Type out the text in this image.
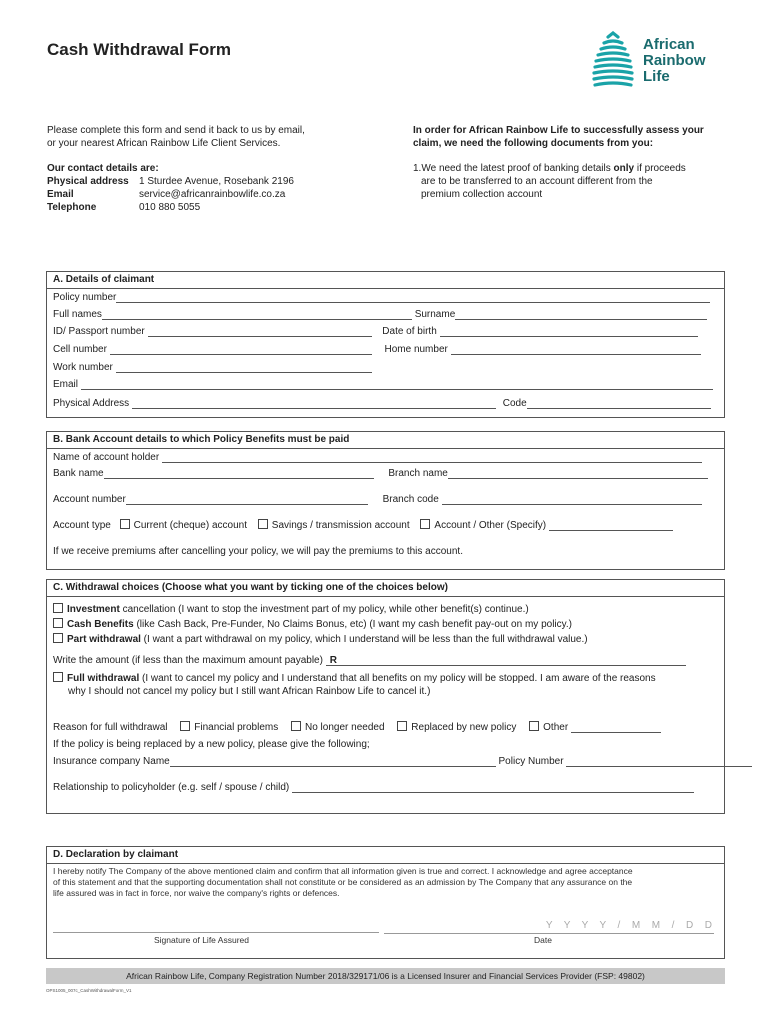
Cash Withdrawal Form	African
Rainbow
Life
Please complete this form and send it back to us by email,
or your nearest African Rainbow Life Client Services.
Our contact details are:
Physical address 1 Sturdee Avenue, Rosebank 2196
Email	service@africanrainbowlife.co.za
Telephone	010 880 5055
In order for African Rainbow Life to successfully assess your
claim, we need the following documents from you:
1.We need the latest proof of banking details only if proceeds
are to be transferred to an account different from the
premium collection account
A. Details of claimant
Policy number
Full names	Surname
ID/ Passport number	Date of birth
Cell number	Home number
Work number
Email
Physical Address	Code
B. Bank Account details to which Policy Benefits must be paid
Name of account holder
Bank name	Branch name
Account number	Branch code
Account type Current (cheque) account Savings / transmission account Account / Other (Specify)
If we receive premiums after cancelling your policy, we will pay the premiums to this account.
C. Withdrawal choices (Choose what you want by ticking one of the choices below)
Investment cancellation (I want to stop the investment part of my policy, while other benefit(s) continue.)
Cash Benefits (like Cash Back, Pre-Funder, No Claims Bonus, etc) (I want my cash benefit pay-out on my policy.)
Part withdrawal (I want a part withdrawal on my policy, which I understand will be less than the full withdrawal value.)
Write the amount (if less than the maximum amount payable) R
Full withdrawal (I want to cancel my policy and I understand that all benefits on my policy will be stopped. I am aware of the reasons
why I should not cancel my policy but I still want African Rainbow Life to cancel it.)
Reason for full withdrawal	Financial problems	No longer needed	Replaced by new policy	Other
If the policy is being replaced by a new policy, please give the following;
Insurance company Name	Policy Number
Relationship to policyholder (e.g. self / spouse / child)
D. Declaration by claimant
I hereby notify The Company of the above mentioned claim and confirm that all information given is true and correct. I acknowledge and agree acceptance
of this statement and that the supporting documentation shall not constitute or be considered as an admission by The Company that any assurance on the
life assured was in fact in force, nor waive the company's rights or defences.
Y  Y  Y  Y  /  M  M  /  D  D
Signature of Life Assured	Date
African Rainbow Life, Company Registration Number 2018/329171/06 is a Licensed Insurer and Financial Services Provider (FSP: 49802)
OPS1005_007c_CashWithdrawalForm_V1
